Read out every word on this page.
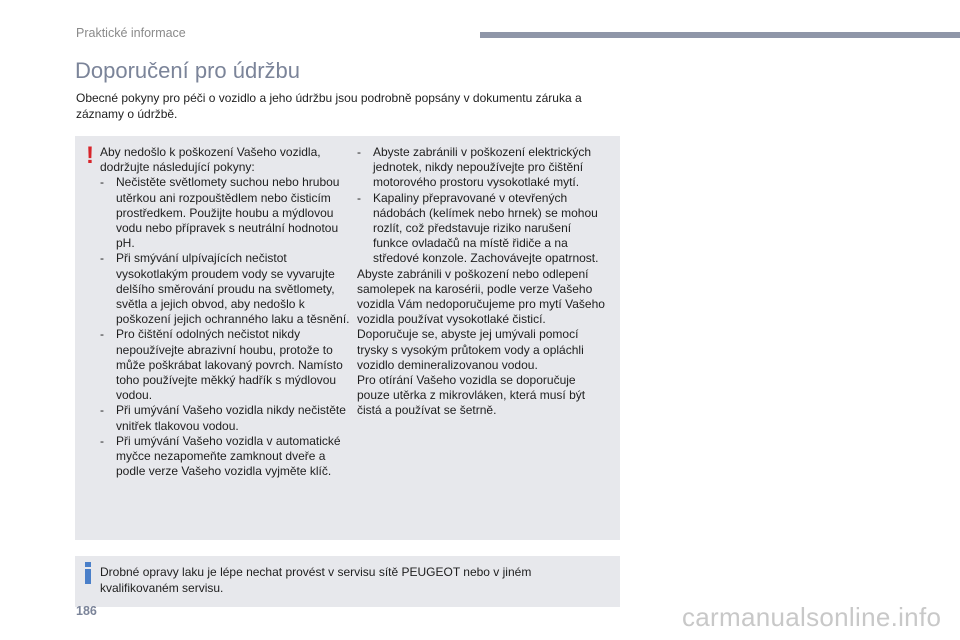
Praktické informace
Doporučení pro údržbu
Obecné pokyny pro péči o vozidlo a jeho údržbu jsou podrobně popsány v dokumentu záruka a záznamy o údržbě.
! Aby nedošlo k poškození Vašeho vozidla, dodržujte následující pokyny:

- Nečistěte světlomety suchou nebo hrubou utěrkou ani rozpouštědlem nebo čisticím prostředkem. Použijte houbu a mýdlovou vodu nebo přípravek s neutrální hodnotou pH.
- Při smývání ulpívajících nečistot vysokotlakým proudem vody se vyvarujte delšího směrování proudu na světlomety, světla a jejich obvod, aby nedošlo k poškození jejich ochranného laku a těsnění.
- Pro čištění odolných nečistot nikdy nepoužívejte abrazivní houbu, protože to může poškrábat lakovaný povrch. Namísto toho používejte měkký hadřík s mýdlovou vodou.
- Při umývání Vašeho vozidla nikdy nečistěte vnitřek tlakovou vodou.
- Při umývání Vašeho vozidla v automatické myčce nezapomeňte zamknout dveře a podle verze Vašeho vozidla vyjměte klíč.
- Abyste zabránili v poškození elektrických jednotek, nikdy nepoužívejte pro čištění motorového prostoru vysokotlaké mytí.
- Kapaliny přepravované v otevřených nádobách (kelímek nebo hrnek) se mohou rozlít, což představuje riziko narušení funkce ovladačů na místě řidiče a na středové konzole. Zachovávejte opatrnost.

Abyste zabránili v poškození nebo odlepení samolepek na karosérii, podle verze Vašeho vozidla Vám nedoporučujeme pro mytí Vašeho vozidla používat vysokotlaké čisticí.

Doporučuje se, abyste jej umývali pomocí trysky s vysokým průtokem vody a opláchli vozidlo demineralizovanou vodou.

Pro otírání Vašeho vozidla se doporučuje pouze utěrka z mikrovláken, která musí být čistá a používat se šetrně.

Drobné opravy laku je lépe nechat provést v servisu sítě PEUGEOT nebo v jiném kvalifikovaném servisu.
186	carmanualsonline.info
